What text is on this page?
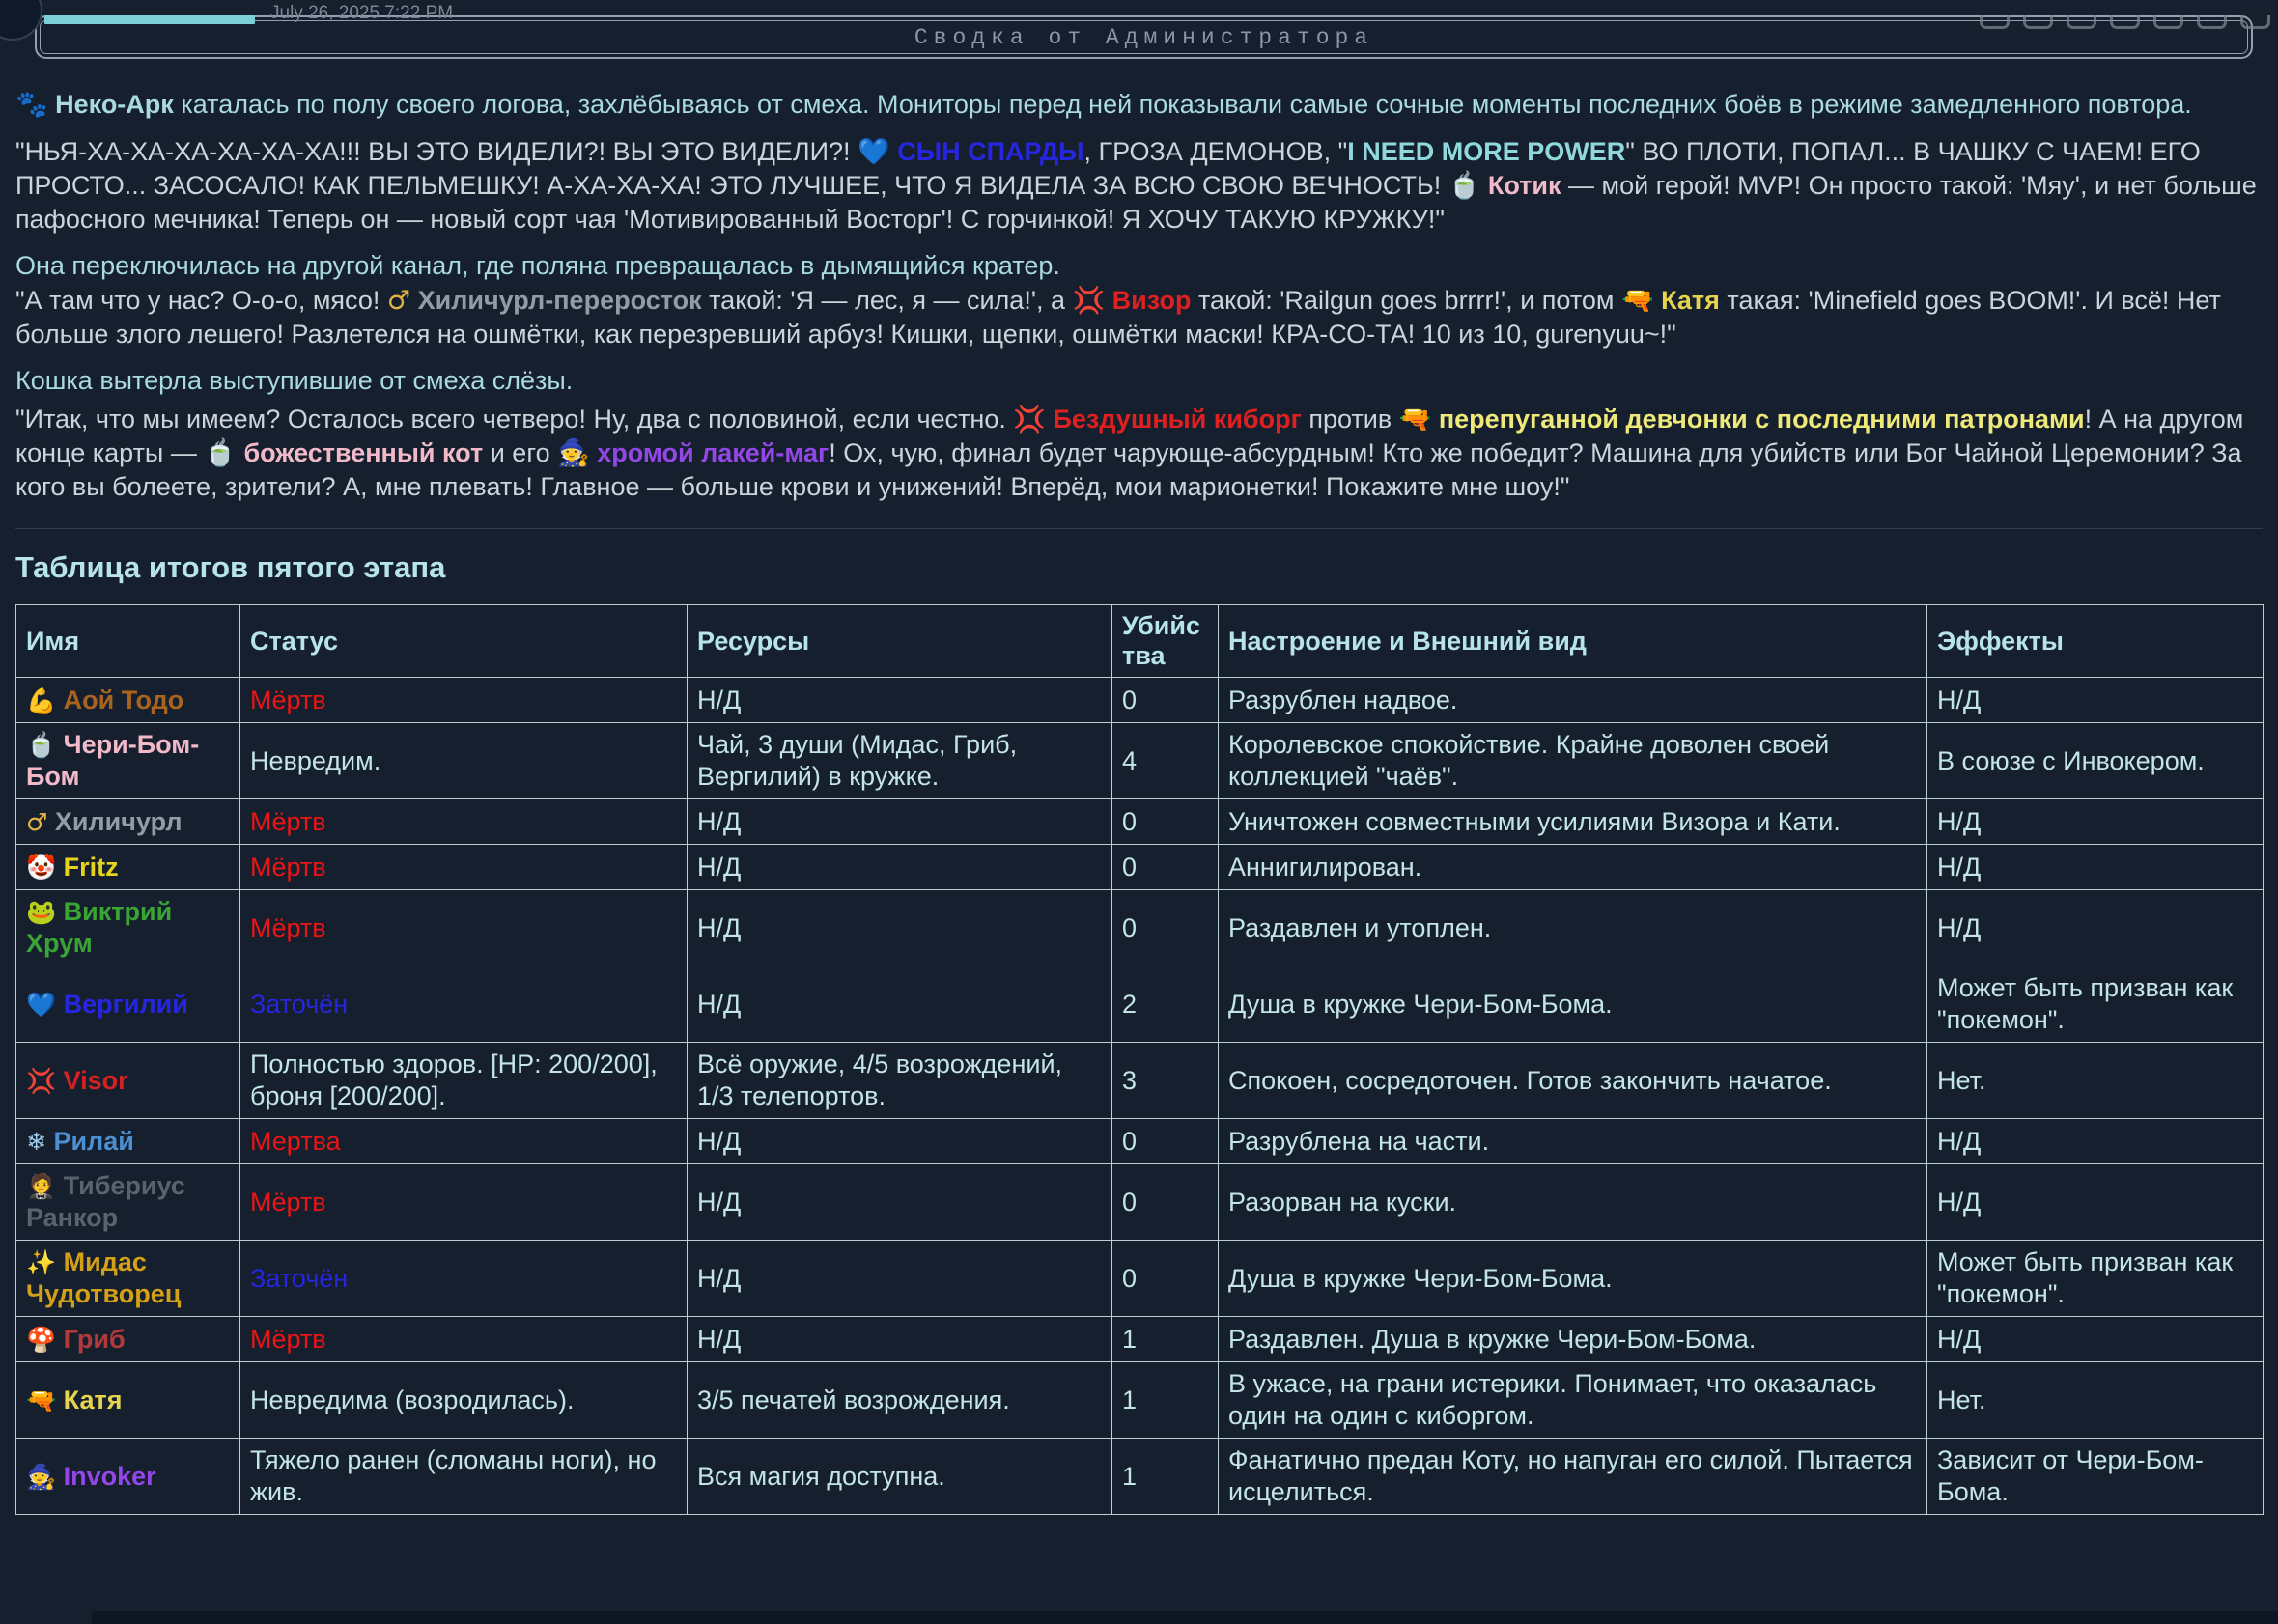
July 26, 2025 7:22 PM
Сводка от Администратора
🐾 Неко-Арк каталась по полу своего логова, захлёбываясь от смеха. Мониторы перед ней показывали самые сочные моменты последних боёв в режиме замедленного повтора.
"НЬЯ-ХА-ХА-ХА-ХА-ХА-ХА!!! ВЫ ЭТО ВИДЕЛИ?! ВЫ ЭТО ВИДЕЛИ?! 💙 СЫН СПАРДЫ, ГРОЗА ДЕМОНОВ, "I NEED MORE POWER" ВО ПЛОТИ, ПОПАЛ... В ЧАШКУ С ЧАЕМ! ЕГО ПРОСТО... ЗАСОСАЛО! КАК ПЕЛЬМЕШКУ! А-ХА-ХА-ХА! ЭТО ЛУЧШЕЕ, ЧТО Я ВИДЕЛА ЗА ВСЮ СВОЮ ВЕЧНОСТЬ! 🍵 Котик — мой герой! MVP! Он просто такой: 'Мяу', и нет больше пафосного мечника! Теперь он — новый сорт чая 'Мотивированный Восторг'! С горчинкой! Я ХОЧУ ТАКУЮ КРУЖКУ!"
Она переключилась на другой канал, где поляна превращалась в дымящийся кратер.
"А там что у нас? О-о-о, мясо! ♂ Хиличурл-переросток такой: 'Я — лес, я — сила!', а 💢 Визор такой: 'Railgun goes brrrr!', и потом 🔫 Катя такая: 'Minefield goes BOOM!'. И всё! Нет больше злого лешего! Разлетелся на ошмётки, как перезревший арбуз! Кишки, щепки, ошмётки маски! КРА-СО-ТА! 10 из 10, gurenyuu~!"
Кошка вытерла выступившие от смеха слёзы.
"Итак, что мы имеем? Осталось всего четверо! Ну, два с половиной, если честно. 💢 Бездушный киборг против 🔫 перепуганной девчонки с последними патронами! А на другом конце карты — 🍵 божественный кот и его 🧙 хромой лакей-маг! Ох, чую, финал будет чарующе-абсурдным! Кто же победит? Машина для убийств или Бог Чайной Церемонии? За кого вы болеете, зрители? А, мне плевать! Главное — больше крови и унижений! Вперёд, мои марионетки! Покажите мне шоу!"
Таблица итогов пятого этапа
Имя	Статус	Ресурсы	Убийства	Настроение и Внешний вид	Эффекты
💪 Аой Тодо	Мёртв	Н/Д	0	Разрублен надвое.	Н/Д
🍵 Чери-Бом-Бом	Невредим.	Чай, 3 души (Мидас, Гриб, Вергилий) в кружке.	4	Королевское спокойствие. Крайне доволен своей коллекцией "чаёв".	В союзе с Инвокером.
♂ Хиличурл	Мёртв	Н/Д	0	Уничтожен совместными усилиями Визора и Кати.	Н/Д
🤡 Fritz	Мёртв	Н/Д	0	Аннигилирован.	Н/Д
🐸 Виктрий Хрум	Мёртв	Н/Д	0	Раздавлен и утоплен.	Н/Д
💙 Вергилий	Заточён	Н/Д	2	Душа в кружке Чери-Бом-Бома.	Может быть призван как "покемон".
💢 Visor	Полностью здоров. [HP: 200/200], броня [200/200].	Всё оружие, 4/5 возрождений, 1/3 телепортов.	3	Спокоен, сосредоточен. Готов закончить начатое.	Нет.
❄ Рилай	Мертва	Н/Д	0	Разрублена на части.	Н/Д
🤵 Тибериус Ранкор	Мёртв	Н/Д	0	Разорван на куски.	Н/Д
✨ Мидас Чудотворец	Заточён	Н/Д	0	Душа в кружке Чери-Бом-Бома.	Может быть призван как "покемон".
🍄 Гриб	Мёртв	Н/Д	1	Раздавлен. Душа в кружке Чери-Бом-Бома.	Н/Д
🔫 Катя	Невредима (возродилась).	3/5 печатей возрождения.	1	В ужасе, на грани истерики. Понимает, что оказалась один на один с киборгом.	Нет.
🧙 Invoker	Тяжело ранен (сломаны ноги), но жив.	Вся магия доступна.	1	Фанатично предан Коту, но напуган его силой. Пытается исцелиться.	Зависит от Чери-Бом-Бома.
